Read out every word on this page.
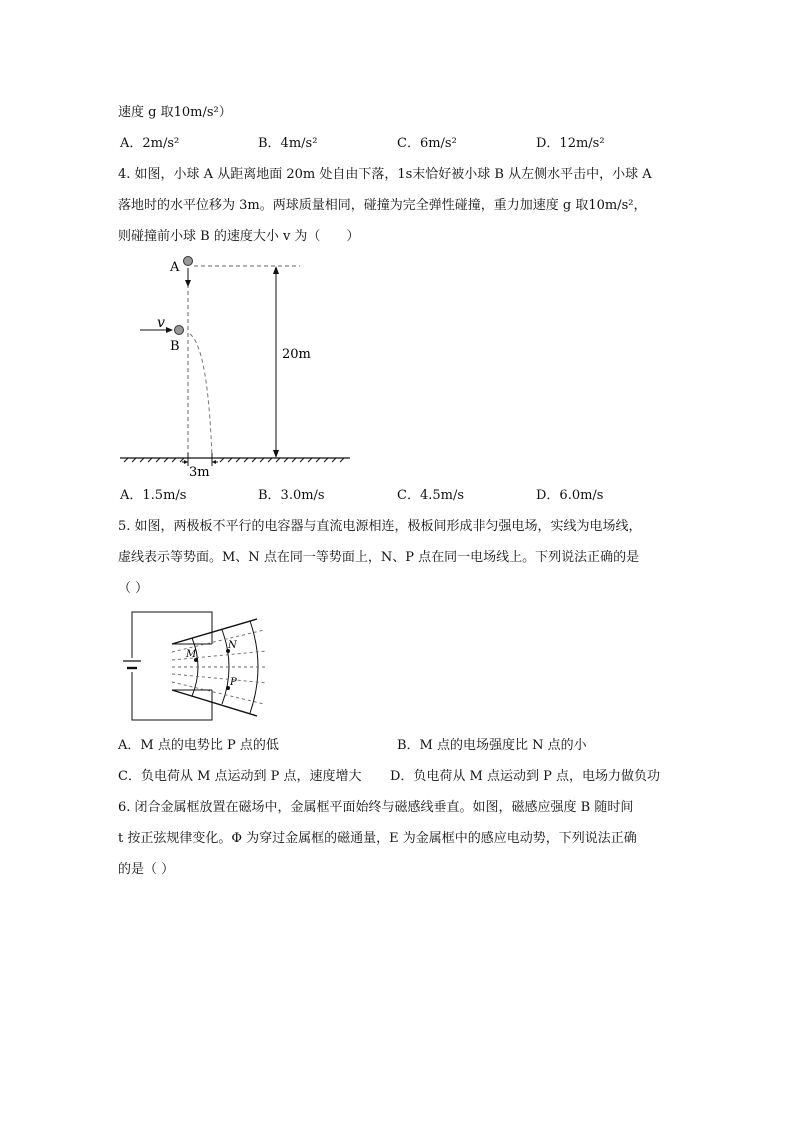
速度 g 取10m/s²）
A．2m/s²	B．4m/s²	C．6m/s²	D．12m/s²
4. 如图，小球 A 从距离地面 20m 处自由下落，1s末恰好被小球 B 从左侧水平击中，小球 A
落地时的水平位移为 3m。两球质量相同，碰撞为完全弹性碰撞，重力加速度 g 取10m/s²，
则碰撞前小球 B 的速度大小 v 为（　　）
A
B
v
20m
3m
A．1.5m/s	B．3.0m/s	C．4.5m/s	D．6.0m/s
5. 如图，两极板不平行的电容器与直流电源相连，极板间形成非匀强电场，实线为电场线，
虚线表示等势面。M、N 点在同一等势面上，N、P 点在同一电场线上。下列说法正确的是
（ ）
M
N
P
A．M 点的电势比 P 点的低	B．M 点的电场强度比 N 点的小
C．负电荷从 M 点运动到 P 点，速度增大 D．负电荷从 M 点运动到 P 点，电场力做负功
6. 闭合金属框放置在磁场中，金属框平面始终与磁感线垂直。如图，磁感应强度 B 随时间
t 按正弦规律变化。Φ 为穿过金属框的磁通量，E 为金属框中的感应电动势，下列说法正确
的是（ ）
